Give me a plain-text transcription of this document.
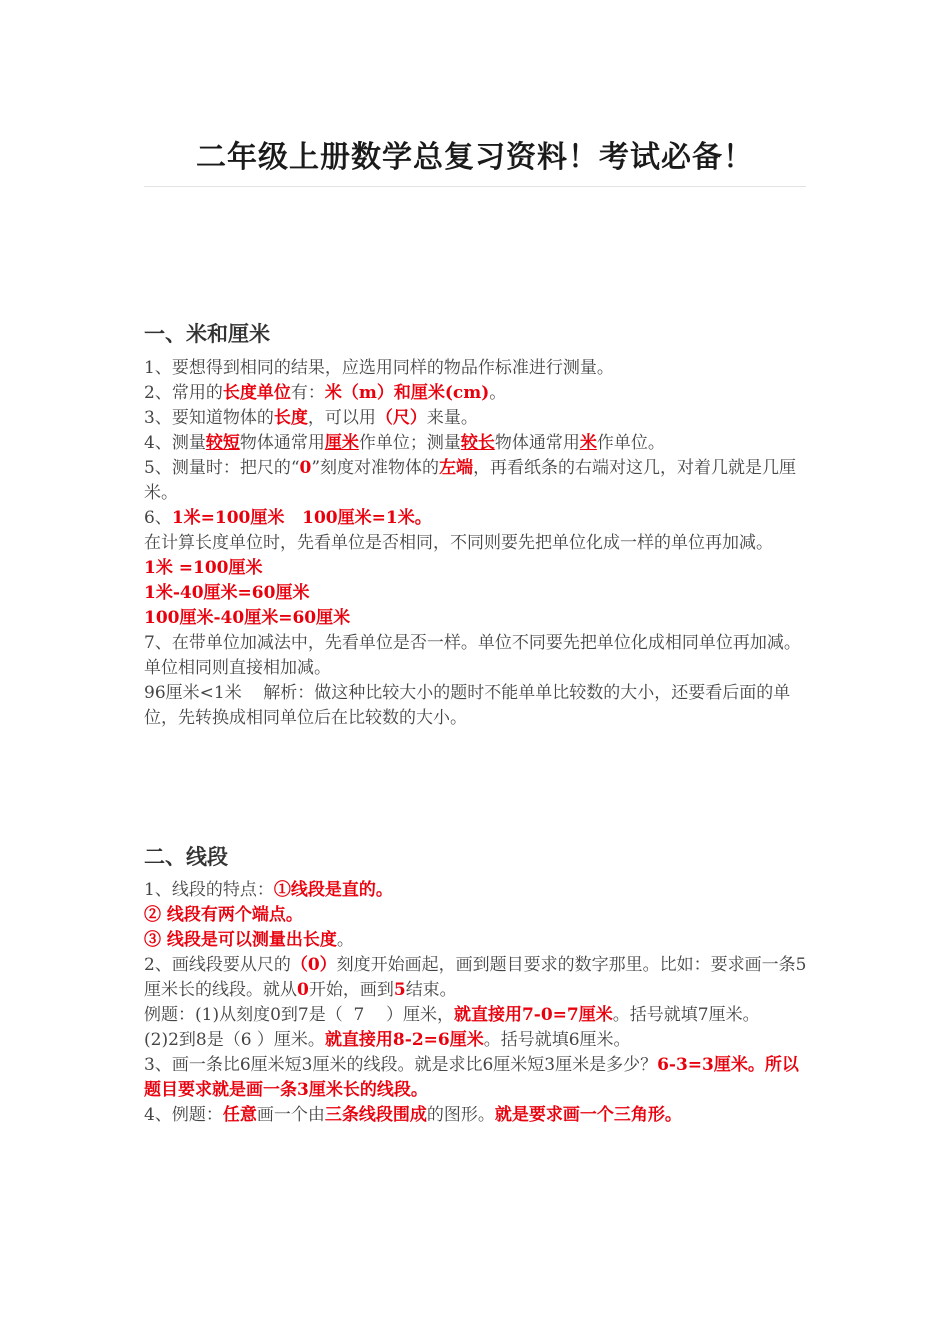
二年级上册数学总复习资料！考试必备！
一、米和厘米

1、要想得到相同的结果，应选用同样的物品作标准进行测量。

2、常用的长度单位有：米（m）和厘米(cm)。

3、要知道物体的长度，可以用（尺）来量。

4、测量较短物体通常用厘米作单位；测量较长物体通常用米作单位。

5、测量时：把尺的“0”刻度对准物体的左端，再看纸条的右端对这几，对着几就是几厘米。

6、1米=100厘米   100厘米=1米。

在计算长度单位时，先看单位是否相同，不同则要先把单位化成一样的单位再加减。

1米 =100厘米

1米-40厘米=60厘米

100厘米-40厘米=60厘米

7、在带单位加减法中，先看单位是否一样。单位不同要先把单位化成相同单位再加减。单位相同则直接相加减。

96厘米<1米    解析：做这种比较大小的题时不能单单比较数的大小，还要看后面的单位，先转换成相同单位后在比较数的大小。

二、线段

1、线段的特点：①线段是直的。

② 线段有两个端点。

③ 线段是可以测量出长度。

2、画线段要从尺的（0）刻度开始画起，画到题目要求的数字那里。比如：要求画一条5厘米长的线段。就从0开始，画到5结束。

例题：(1)从刻度0到7是（  7    ）厘米，就直接用7-0=7厘米。括号就填7厘米。

(2)2到8是（6 ）厘米。就直接用8-2=6厘米。括号就填6厘米。

3、画一条比6厘米短3厘米的线段。就是求比6厘米短3厘米是多少？6-3=3厘米。所以题目要求就是画一条3厘米长的线段。

4、例题：任意画一个由三条线段围成的图形。就是要求画一个三角形。
